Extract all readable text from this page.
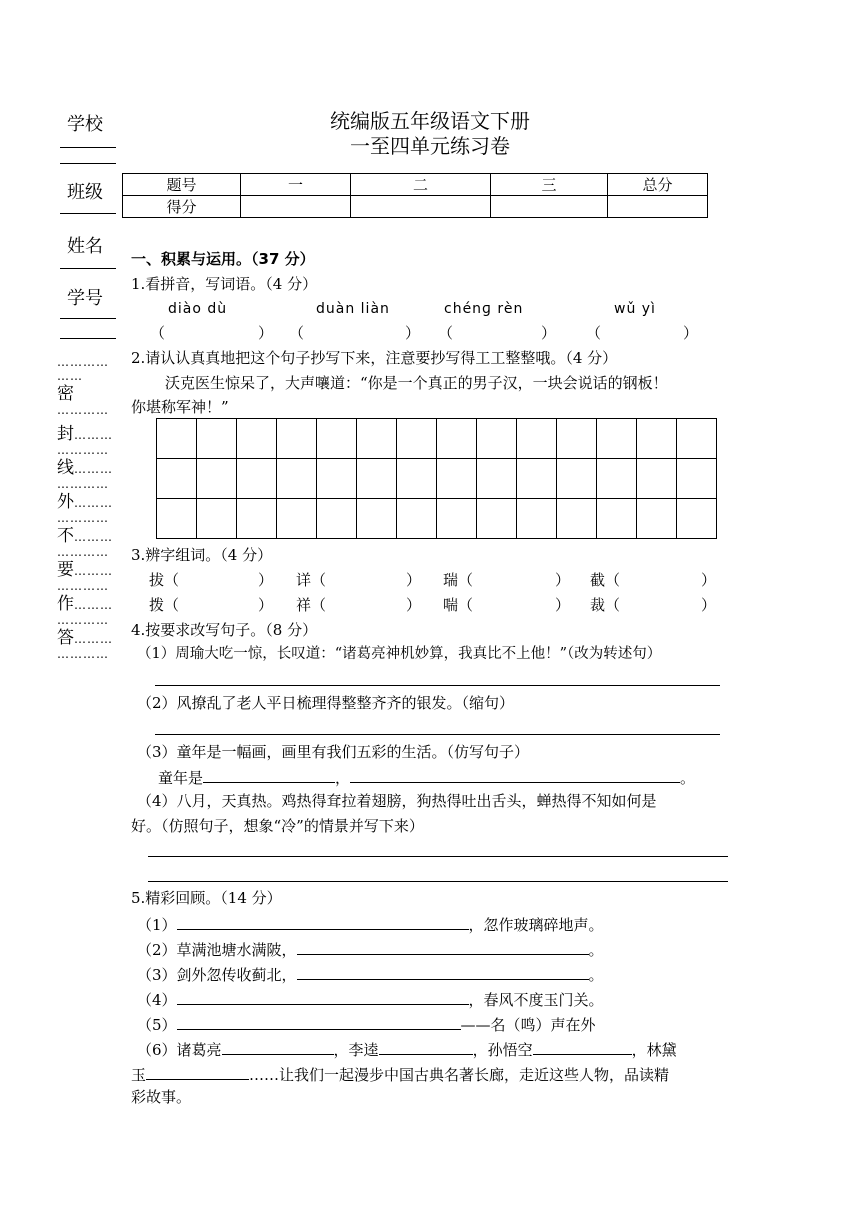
学校
班级
姓名
学号
…………
……
密
…………
封………
…………
线………
…………
外………
…………
不………
…………
要………
…………
作………
…………
答………
…………
统编版五年级语文下册
一至四单元练习卷
题号	一	二	三	总分
得分				
一、积累与运用。（37 分）
1.看拼音，写词语。（4 分）
diào dù	duàn liàn	chénɡ rèn	wǔ yì
（	） （	） （	） （	）
2.请认认真真地把这个句子抄写下来，注意要抄写得工工整整哦。（4 分）
沃克医生惊呆了，大声嚷道：“你是一个真正的男子汉，一块会说话的钢板！
你堪称军神！”

3.辨字组词。（4 分）
拔（	） 详（	） 瑞（	） 截（	）
拨（	） 祥（	） 喘（	） 裁（	）
4.按要求改写句子。（8 分）
（1）周瑜大吃一惊，长叹道：“诸葛亮神机妙算，我真比不上他！”（改为转述句）
（2）风撩乱了老人平日梳理得整整齐齐的银发。（缩句）
（3）童年是一幅画，画里有我们五彩的生活。（仿写句子）
童年是	，	。
（4）八月，天真热。鸡热得耷拉着翅膀，狗热得吐出舌头，蝉热得不知如何是
好。（仿照句子，想象“冷”的情景并写下来）
5.精彩回顾。（14 分）
（1）	，忽作玻璃碎地声。
（2）草满池塘水满陂，	。
（3）剑外忽传收蓟北，	。
（4）	，春风不度玉门关。
（5）	——名（鸣）声在外
（6）诸葛亮	，李逵	，孙悟空	，林黛
玉	……让我们一起漫步中国古典名著长廊，走近这些人物，品读精
彩故事。
